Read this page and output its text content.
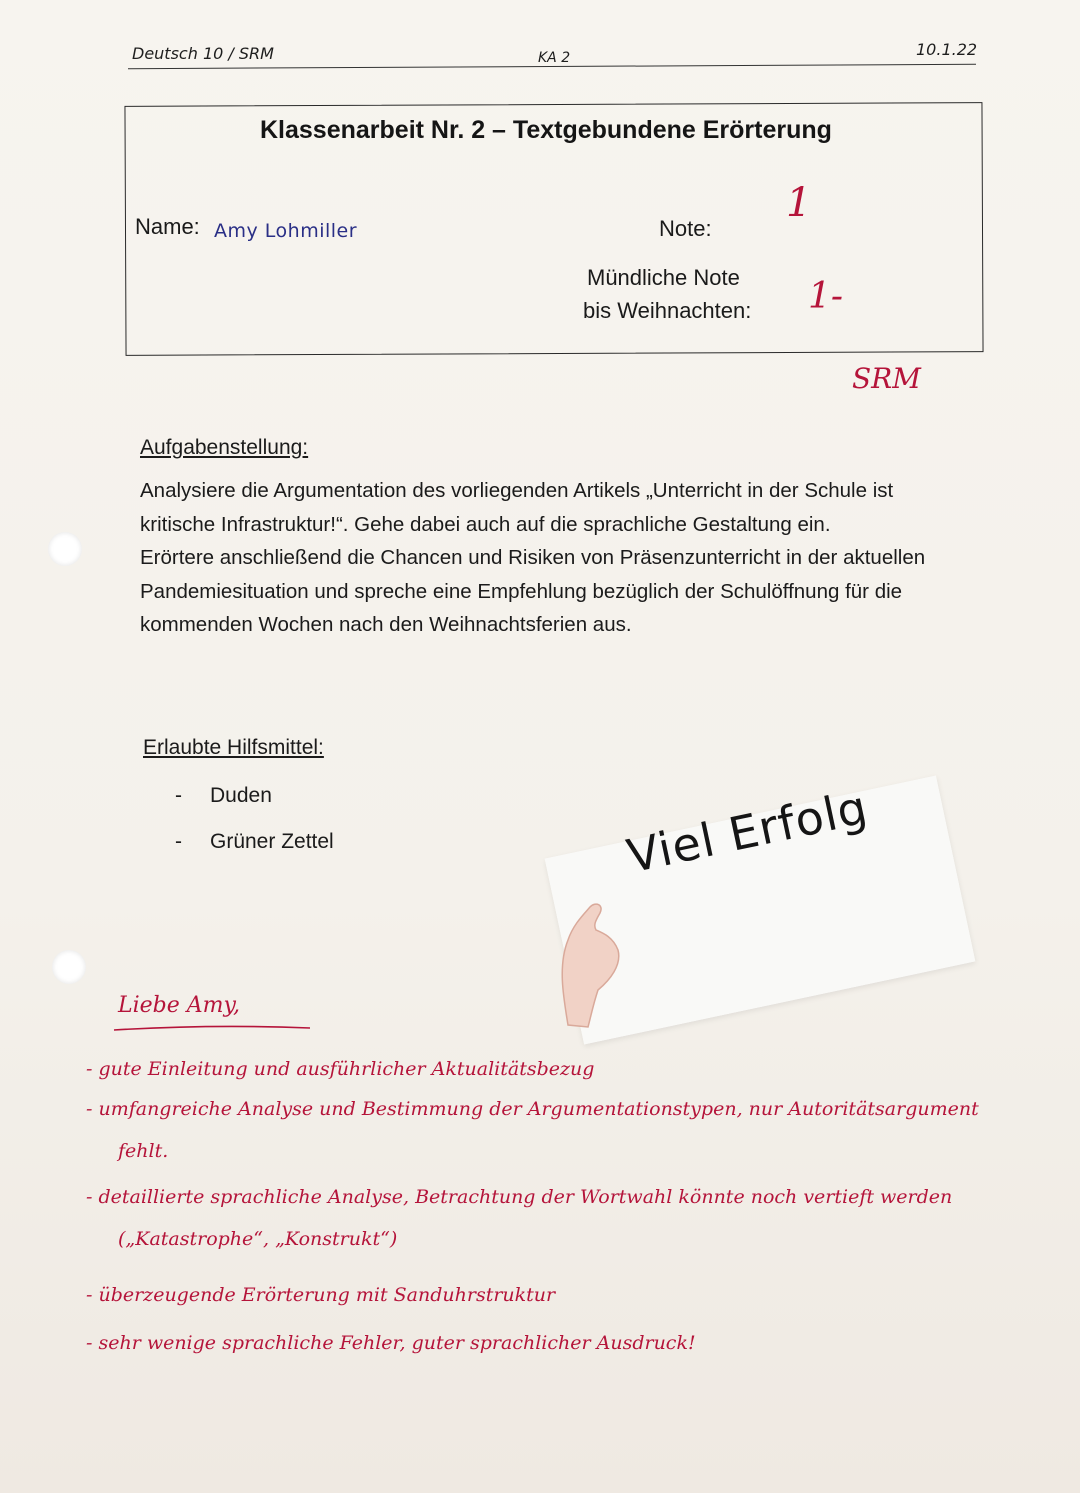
Deutsch 10 / SRM	KA 2	10.1.22
Klassenarbeit Nr. 2 – Textgebundene Erörterung
Name: Amy Lohmiller	Note:
1
Mündliche Note
bis Weihnachten: 1-
SRM
Aufgabenstellung:

Analysiere die Argumentation des vorliegenden Artikels „Unterricht in der Schule ist kritische Infrastruktur!“. Gehe dabei auch auf die sprachliche Gestaltung ein.

Erörtere anschließend die Chancen und Risiken von Präsenzunterricht in der aktuellen Pandemiesituation und spreche eine Empfehlung bezüglich der Schulöffnung für die kommenden Wochen nach den Weihnachtsferien aus.

Erlaubte Hilfsmittel:
- Duden
- Grüner Zettel	Viel Erfolg
Liebe Amy,
- gute Einleitung und ausführlicher Aktualitätsbezug
- umfangreiche Analyse und Bestimmung der Argumentationstypen, nur Autoritätsargument
fehlt.
- detaillierte sprachliche Analyse, Betrachtung der Wortwahl könnte noch vertieft werden
(„Katastrophe“, „Konstrukt“)
- überzeugende Erörterung mit Sanduhrstruktur
- sehr wenige sprachliche Fehler, guter sprachlicher Ausdruck!
